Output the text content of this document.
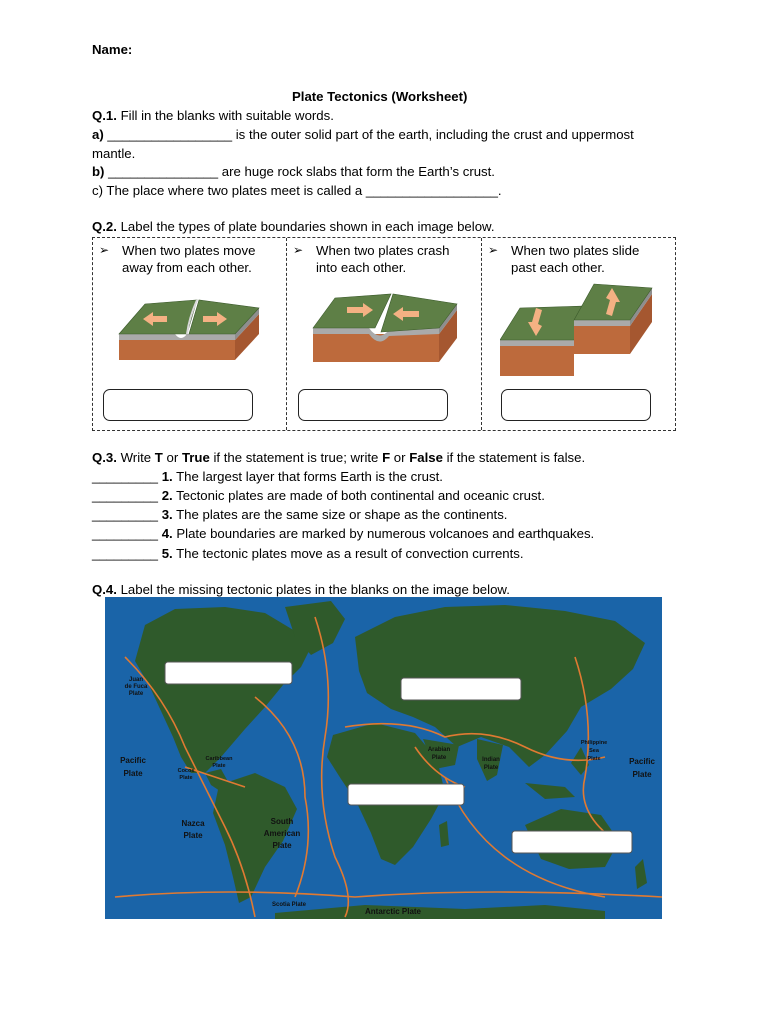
Name:
Plate Tectonics (Worksheet)
Q.1. Fill in the blanks with suitable words.
a) _________________ is the outer solid part of the earth, including the crust and uppermost
mantle.
b) _______________ are huge rock slabs that form the Earth’s crust.
c) The place where two plates meet is called a __________________.
Q.2. Label the types of plate boundaries shown in each image below.
➢ When two plates move
away from each other.
➢ When two plates crash
into each other.
➢ When two plates slide
past each other.
Q.3. Write T or True if the statement is true; write F or False if the statement is false.
_________ 1. The largest layer that forms Earth is the crust.
_________ 2. Tectonic plates are made of both continental and oceanic crust.
_________ 3. The plates are the same size or shape as the continents.
_________ 4. Plate boundaries are marked by numerous volcanoes and earthquakes.
_________ 5. The tectonic plates move as a result of convection currents.
Q.4. Label the missing tectonic plates in the blanks on the image below.
Juan de Fuca Plate
Pacific Plate	Cocos Plate
Caribbean Plate
Nazca Plate
South American Plate
Scotia Plate
Antarctic Plate
Arabian Plate	Indian Plate
Philippine Sea Plate	Pacific Plate
